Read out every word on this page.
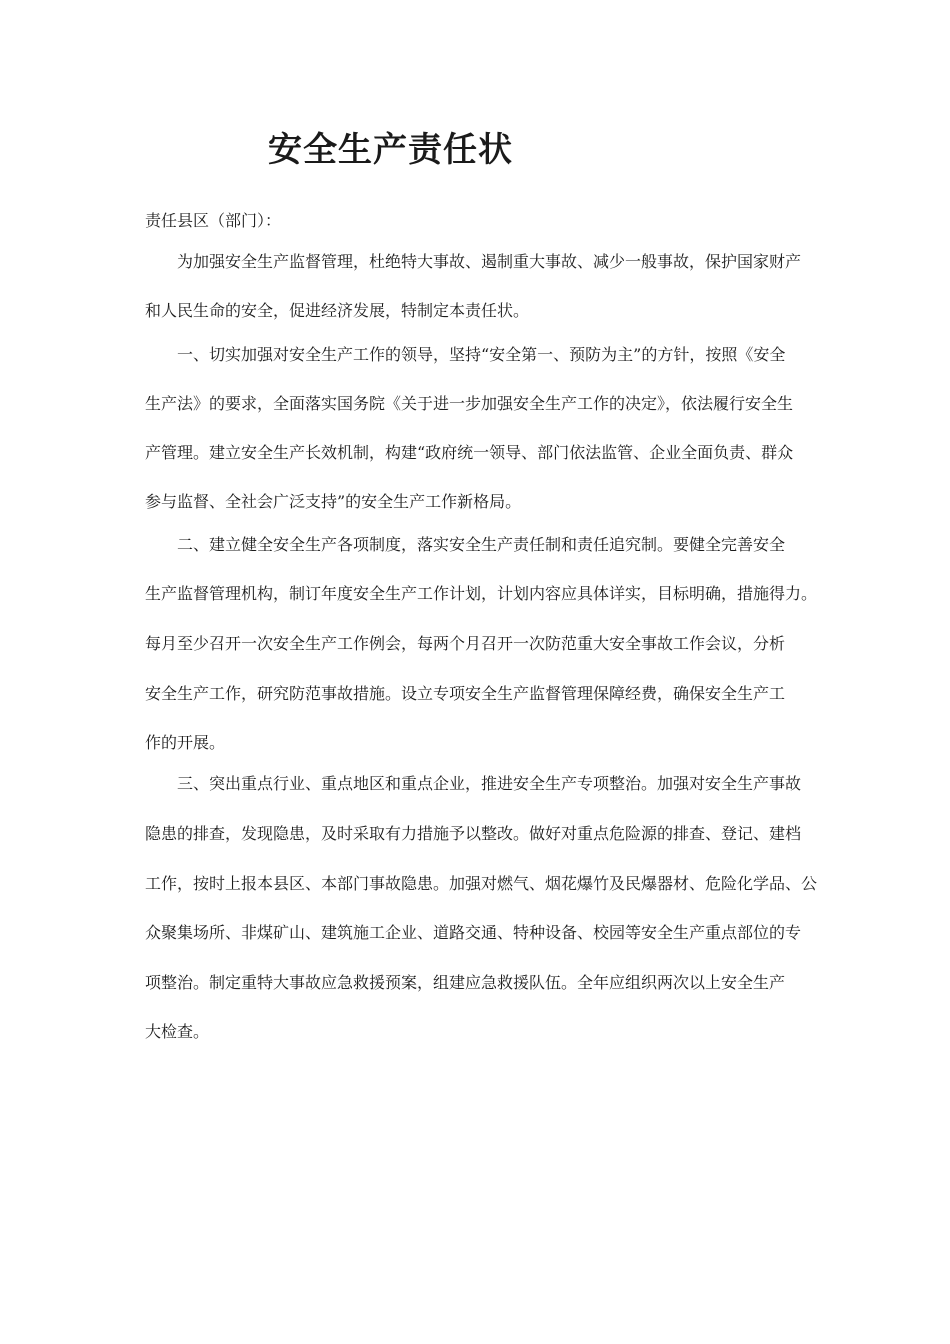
安全生产责任状

责任县区（部门）：

为加强安全生产监督管理，杜绝特大事故、遏制重大事故、减少一般事故，保护国家财产

和人民生命的安全，促进经济发展，特制定本责任状。

一、切实加强对安全生产工作的领导，坚持“安全第一、预防为主”的方针，按照《安全

生产法》的要求，全面落实国务院《关于进一步加强安全生产工作的决定》，依法履行安全生

产管理。建立安全生产长效机制，构建“政府统一领导、部门依法监管、企业全面负责、群众

参与监督、全社会广泛支持”的安全生产工作新格局。

二、建立健全安全生产各项制度，落实安全生产责任制和责任追究制。要健全完善安全

生产监督管理机构，制订年度安全生产工作计划，计划内容应具体详实，目标明确，措施得力。

每月至少召开一次安全生产工作例会，每两个月召开一次防范重大安全事故工作会议，分析

安全生产工作，研究防范事故措施。设立专项安全生产监督管理保障经费，确保安全生产工

作的开展。

三、突出重点行业、重点地区和重点企业，推进安全生产专项整治。加强对安全生产事故

隐患的排查，发现隐患，及时采取有力措施予以整改。做好对重点危险源的排查、登记、建档

工作，按时上报本县区、本部门事故隐患。加强对燃气、烟花爆竹及民爆器材、危险化学品、公

众聚集场所、非煤矿山、建筑施工企业、道路交通、特种设备、校园等安全生产重点部位的专

项整治。制定重特大事故应急救援预案，组建应急救援队伍。全年应组织两次以上安全生产

大检查。
